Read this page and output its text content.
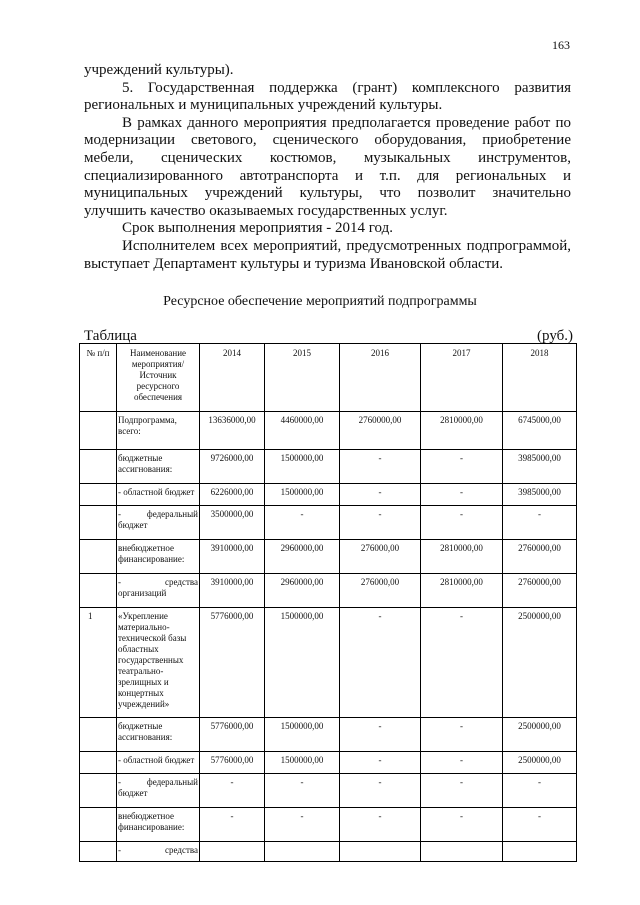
163

учреждений культуры).

5. Государственная поддержка (грант) комплексного развития региональных и муниципальных учреждений культуры.

В рамках данного мероприятия предполагается проведение работ по модернизации светового, сценического оборудования, приобретение мебели, сценических костюмов, музыкальных инструментов, специализированного автотранспорта и т.п. для региональных и муниципальных учреждений культуры, что позволит значительно улучшить качество оказываемых государственных услуг.

Срок выполнения мероприятия - 2014 год.

Исполнителем всех мероприятий, предусмотренных подпрограммой, выступает Департамент культуры и туризма Ивановской области.

Ресурсное обеспечение мероприятий подпрограммы
Таблица	(руб.)
№ п/п	Наименование мероприятия/ Источник ресурсного обеспечения	2014	2015	2016	2017	2018
	Подпрограмма, всего:	13636000,00	4460000,00	2760000,00	2810000,00	6745000,00
	бюджетные ассигнования:	9726000,00	1500000,00	-	-	3985000,00
	- областной бюджет	6226000,00	1500000,00	-	-	3985000,00
	- федеральный бюджет	3500000,00	-	-	-	-
	внебюджетное финансирование:	3910000,00	2960000,00	276000,00	2810000,00	2760000,00
	- средства организаций	3910000,00	2960000,00	276000,00	2810000,00	2760000,00
1	«Укрепление материально-технической базы областных государственных театрально-зрелищных и концертных учреждений»	5776000,00	1500000,00	-	-	2500000,00
	бюджетные ассигнования:	5776000,00	1500000,00	-	-	2500000,00
	- областной бюджет	5776000,00	1500000,00	-	-	2500000,00
	- федеральный бюджет	-	-	-	-	-
	внебюджетное финансирование:	-	-	-	-	-
	- средства					
